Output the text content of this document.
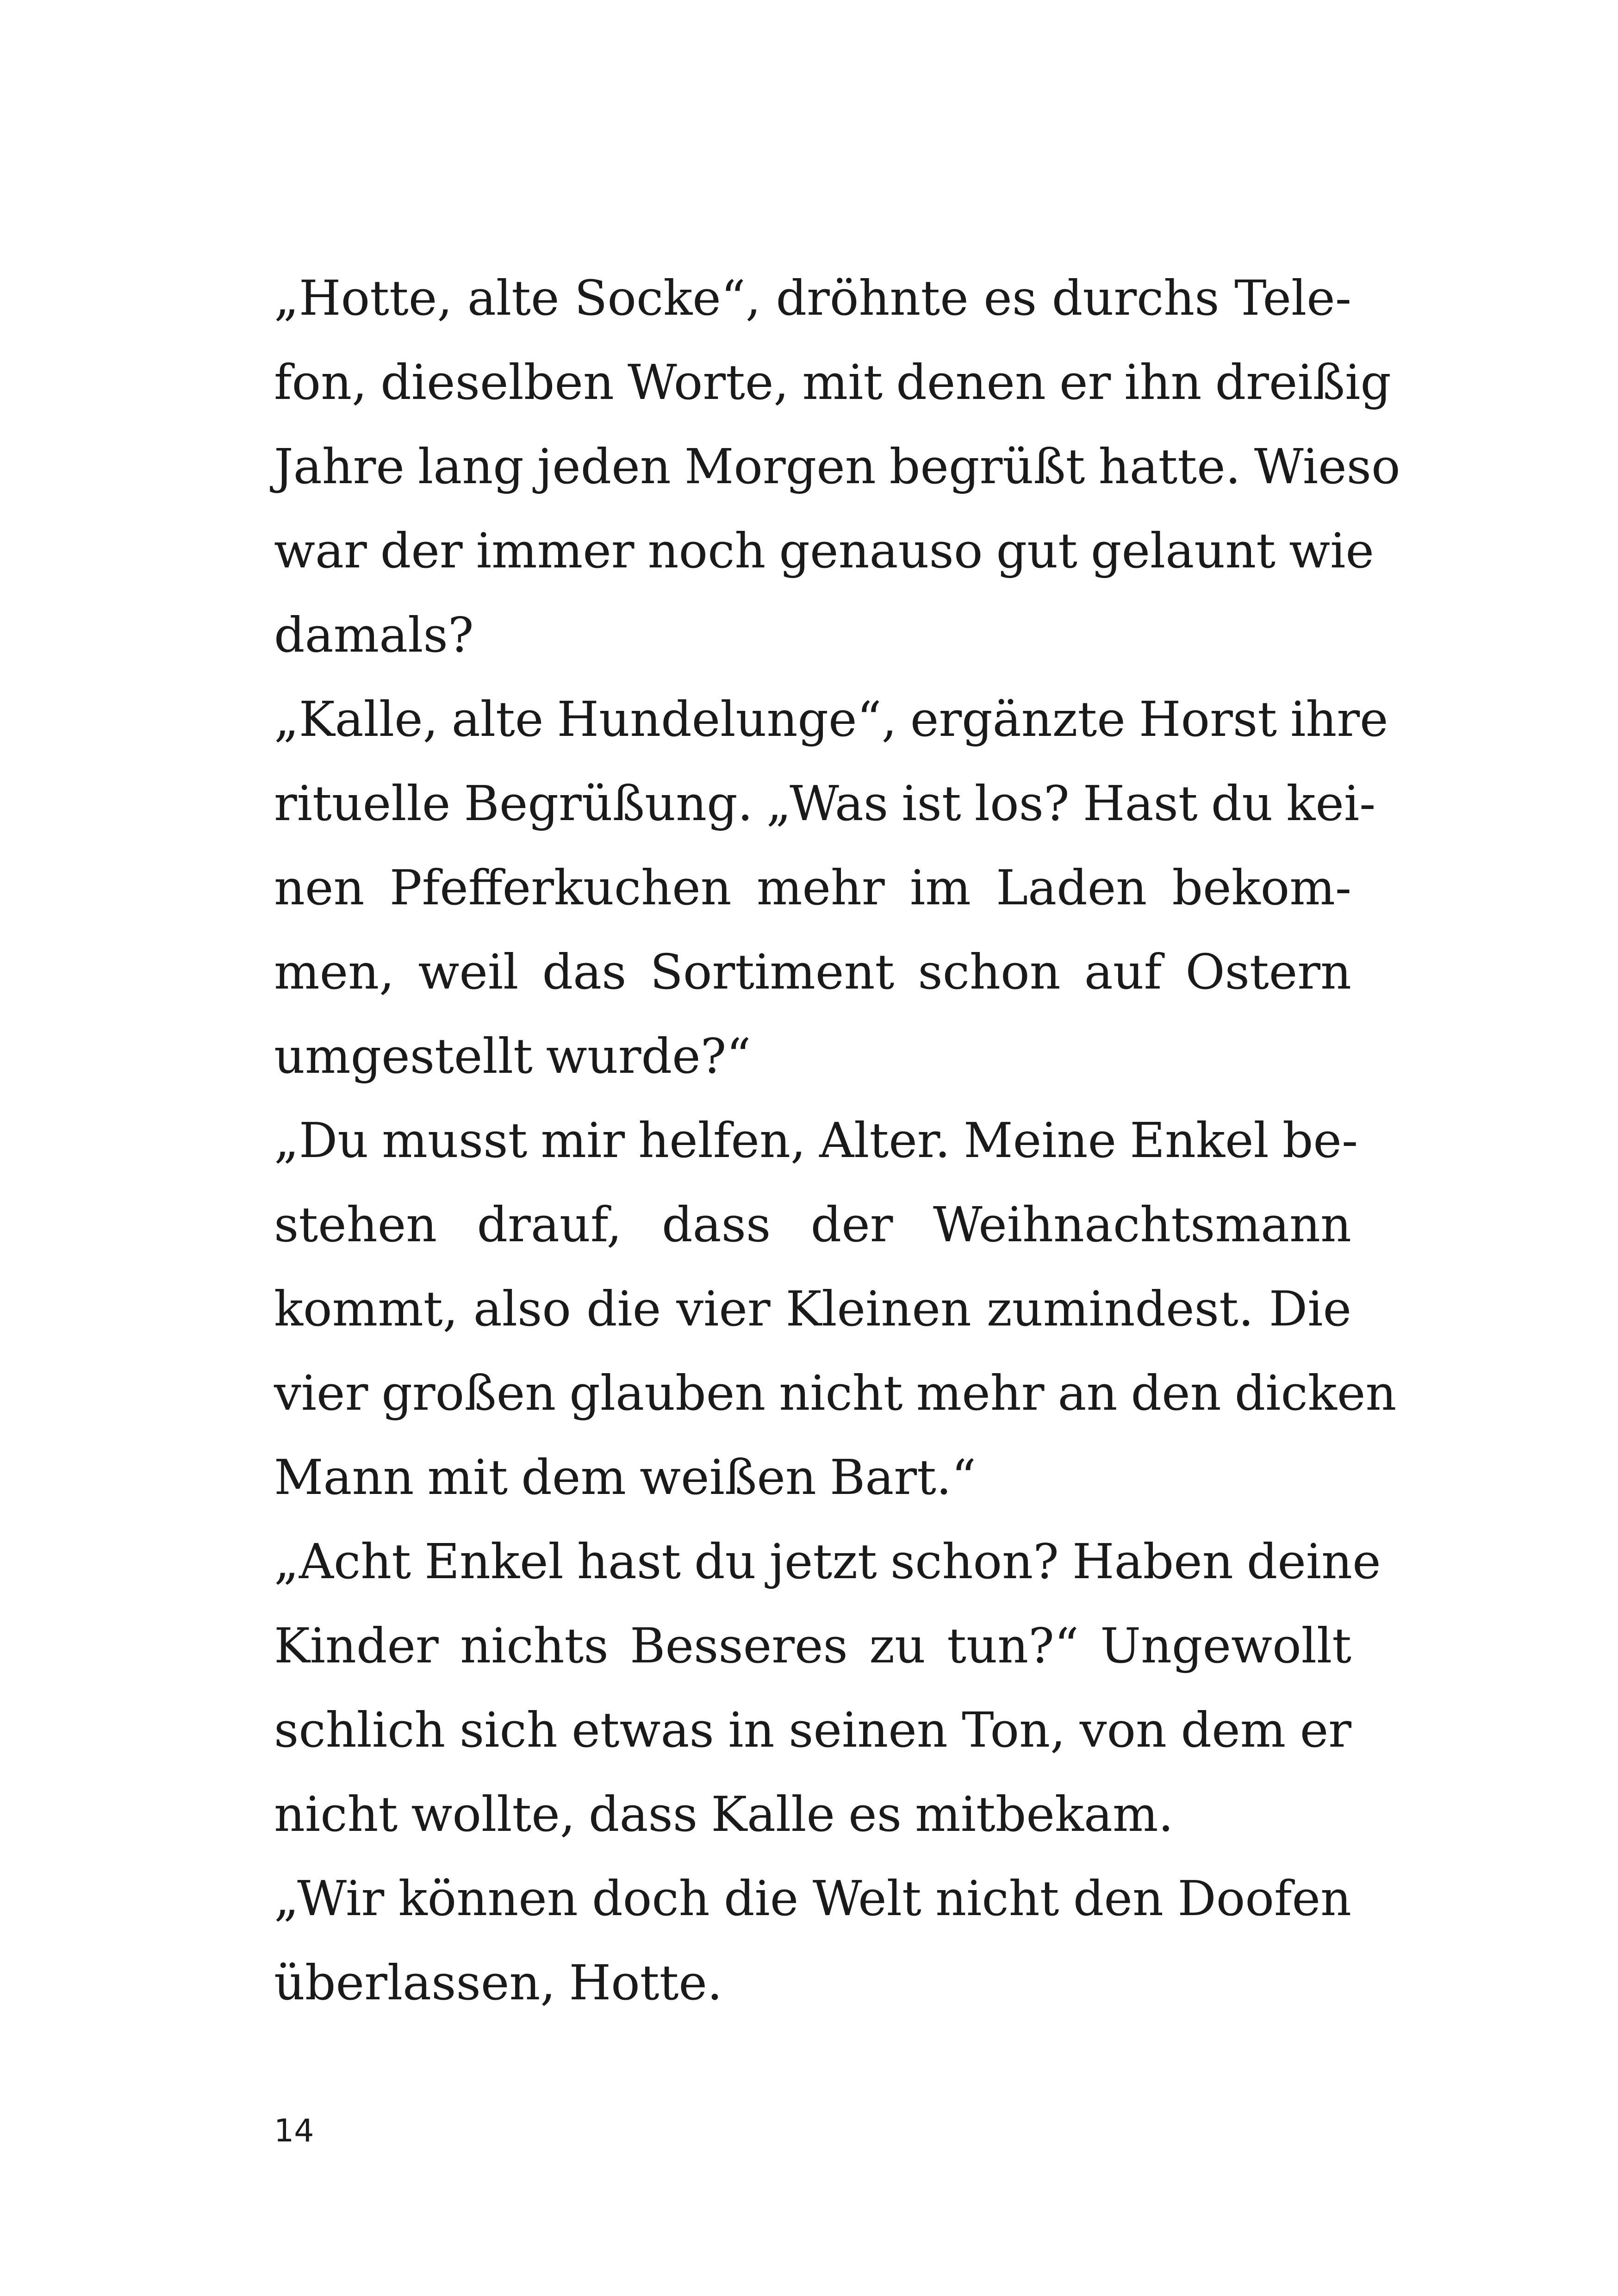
„Hotte, alte Socke“, dröhnte es durchs Tele-
fon, dieselben Worte, mit denen er ihn dreißig
Jahre lang jeden Morgen begrüßt hatte. Wieso
war der immer noch genauso gut gelaunt wie
damals?
„Kalle, alte Hundelunge“, ergänzte Horst ihre
rituelle Begrüßung. „Was ist los? Hast du kei-
nen Pfefferkuchen mehr im Laden bekom-
men, weil das Sortiment schon auf Ostern
umgestellt wurde?“
„Du musst mir helfen, Alter. Meine Enkel be-
stehen drauf, dass der Weihnachtsmann
kommt, also die vier Kleinen zumindest. Die
vier großen glauben nicht mehr an den dicken
Mann mit dem weißen Bart.“
„Acht Enkel hast du jetzt schon? Haben deine
Kinder nichts Besseres zu tun?“ Ungewollt
schlich sich etwas in seinen Ton, von dem er
nicht wollte, dass Kalle es mitbekam.
„Wir können doch die Welt nicht den Doofen
überlassen, Hotte.
14
